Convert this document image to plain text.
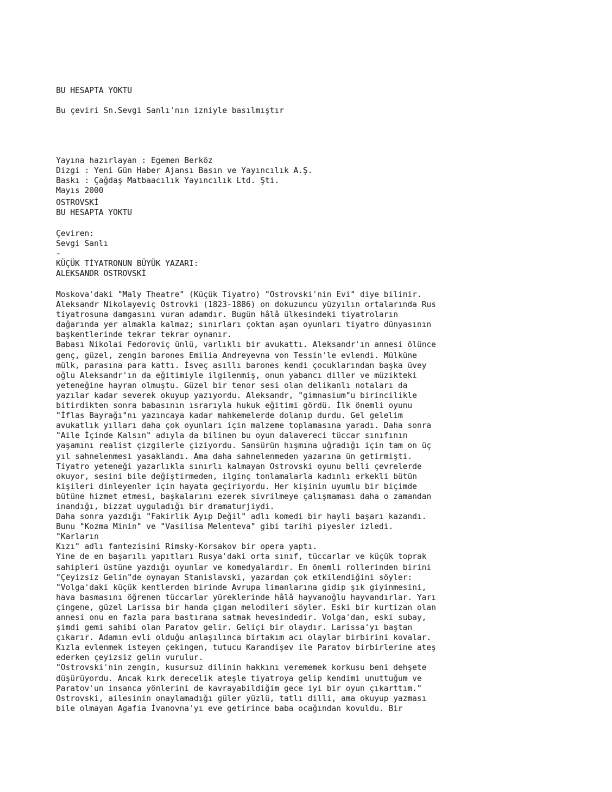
BU HESAPTA YOKTU
Bu çeviri Sn.Sevgi Sanlı'nın izniyle basılmıştır
Yayına hazırlayan : Egemen Berköz
Dizgi : Yeni Gün Haber Ajansı Basın ve Yayıncılık A.Ş.
Baskı : Çağdaş Matbaacılık Yayıncılık Ltd. Şti.
Mayıs 2000
OSTROVSKİ
BU HESAPTA YOKTU
Çeviren:
Sevgi Sanlı
-
KÜÇÜK TİYATRONUN BÜYÜK YAZARI:
ALEKSANDR OSTROVSKİ
Moskova'daki "Maly Theatre" (Küçük Tiyatro) "Ostrovski'nin Evi" diye bilinir.
Aleksandr Nikolayeviç Ostrovki (1823-1886) on dokuzuncu yüzyılın ortalarında Rus
tiyatrosuna damgasını vuran adamdır. Bugün hâlâ ülkesindeki tiyatroların
dağarında yer almakla kalmaz; sınırları çoktan aşan oyunları tiyatro dünyasının
başkentlerinde tekrar tekrar oynanır.
Babası Nikolai Fedoroviç ünlü, varlıklı bir avukattı. Aleksandr'ın annesi ölünce
genç, güzel, zengin barones Emilia Andreyevna von Tessin'le evlendi. Mülküne
mülk, parasına para kattı. İsveç asıllı barones kendi çocuklarından başka üvey
oğlu Aleksandr'ın da eğitimiyle ilgilenmiş, onun yabancı diller ve müzikteki
yeteneğine hayran olmuştu. Güzel bir tenor sesi olan delikanlı notaları da
yazılar kadar severek okuyup yazıyordu. Aleksandr, "gimnasium"u birincilikle
bitirdikten sonra babasının ısrarıyla hukuk eğitimi gördü. İlk önemli oyunu
"İflas Bayrağı"nı yazıncaya kadar mahkemelerde dolanıp durdu. Gel gelelim
avukatlık yılları daha çok oyunları için malzeme toplamasına yaradı. Daha sonra
"Aile İçinde Kalsın" adıyla da bilinen bu oyun dalavereci tüccar sınıfının
yaşamını realist çizgilerle çiziyordu. Sansürün hışmına uğradığı için tam on üç
yıl sahnelenmesi yasaklandı. Ama daha sahnelenmeden yazarına ün getirmişti.
Tiyatro yeteneği yazarlıkla sınırlı kalmayan Ostrovski oyunu belli çevrelerde
okuyor, sesini bile değiştirmeden, ilginç tonlamalarla kadınlı erkekli bütün
kişileri dinleyenler için hayata geçiriyordu. Her kişinin uyumlu bir biçimde
bütüne hizmet etmesi, başkalarını ezerek sivrilmeye çalışmaması daha o zamandan
inandığı, bizzat uyguladığı bir dramaturjiydi.
Daha sonra yazdığı "Fakirlik Ayıp Değil" adlı komedi bir hayli başarı kazandı.
Bunu "Kozma Minin" ve "Vasilisa Melenteva" gibi tarihi piyesler izledi.
"Karlar​ın
Kızı" adlı fantezisini Rimsky-Korsakov bir opera yaptı.
Yine de en başarılı yapıtları Rusya'daki orta sınıf, tüccarlar ve küçük toprak
sahipleri üstüne yazdığı oyunlar ve komedyalardır. En önemli rollerinden birini
"Çeyizsiz Gelin"de oynayan Stanislavski, yazardan çok etkilendiğini söyler:
"Volga'daki küçük kentlerden birinde Avrupa limanlarına gidip şık giyinmesini,
hava basmasını öğrenen tüccarlar yüreklerinde hâlâ hayvanoğlu hayvandırlar. Yarı
çingene, güzel Larissa bir handa çigan melodileri söyler. Eski bir kurtizan olan
annesi onu en fazla para bastırana satmak hevesindedir. Volga'dan, eski subay,
şimdi gemi sahibi olan Paratov gelir. Geliçi bir olaydır. Larissa'yı baştan
çıkarır. Adamın evli olduğu anlaşılınca birtakım acı olaylar birbirini kovalar.
Kızla evlenmek isteyen çekingen, tutucu Karandişev ile Paratov birbirlerine ateş
ederken çeyizsiz gelin vurulur.
"Ostrovski'nin zengin, kusursuz dilinin hakkını verememek korkusu beni dehşete
düşürüyordu. Ancak kırk derecelik ateşle tiyatroya gelip kendimi unuttuğum ve
Paratov'un insanca yönlerini de kavrayabildiğim gece iyi bir oyun çıkarttım."
Ostrovski, ailesinin onaylamadığı güler yüzlü, tatlı dilli, ama okuyup yazması
bile olmayan Agafia İvanovna'yı eve getirince baba ocağından kovuldu. Bir
